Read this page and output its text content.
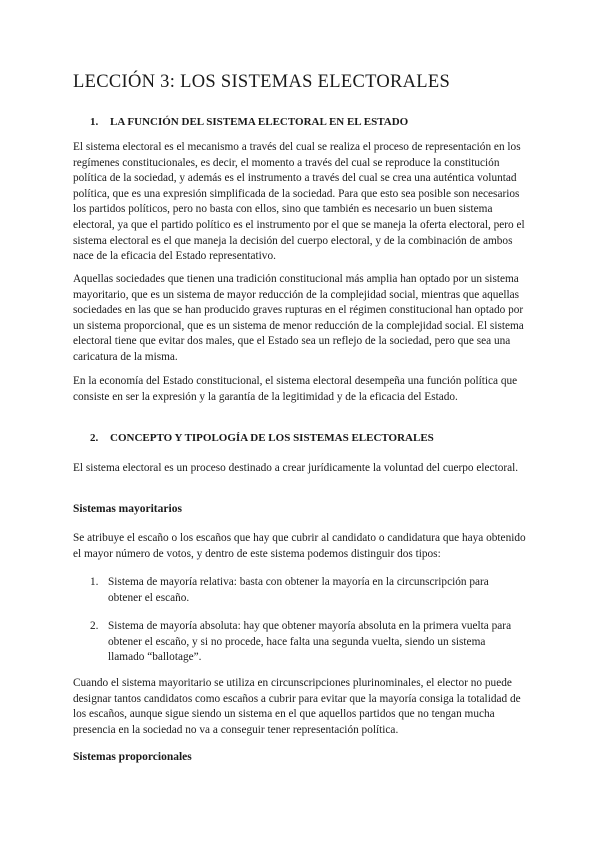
LECCIÓN 3: LOS SISTEMAS ELECTORALES
1. LA FUNCIÓN DEL SISTEMA ELECTORAL EN EL ESTADO

El sistema electoral es el mecanismo a través del cual se realiza el proceso de representación en los regímenes constitucionales, es decir, el momento a través del cual se reproduce la constitución política de la sociedad, y además es el instrumento a través del cual se crea una auténtica voluntad política, que es una expresión simplificada de la sociedad. Para que esto sea posible son necesarios los partidos políticos, pero no basta con ellos, sino que también es necesario un buen sistema electoral, ya que el partido político es el instrumento por el que se maneja la oferta electoral, pero el sistema electoral es el que maneja la decisión del cuerpo electoral, y de la combinación de ambos nace de la eficacia del Estado representativo.

Aquellas sociedades que tienen una tradición constitucional más amplia han optado por un sistema mayoritario, que es un sistema de mayor reducción de la complejidad social, mientras que aquellas sociedades en las que se han producido graves rupturas en el régimen constitucional han optado por un sistema proporcional, que es un sistema de menor reducción de la complejidad social. El sistema electoral tiene que evitar dos males, que el Estado sea un reflejo de la sociedad, pero que sea una caricatura de la misma.

En la economía del Estado constitucional, el sistema electoral desempeña una función política que consiste en ser la expresión y la garantía de la legitimidad y de la eficacia del Estado.

2. CONCEPTO Y TIPOLOGÍA DE LOS SISTEMAS ELECTORALES

El sistema electoral es un proceso destinado a crear jurídicamente la voluntad del cuerpo electoral.

Sistemas mayoritarios

Se atribuye el escaño o los escaños que hay que cubrir al candidato o candidatura que haya obtenido el mayor número de votos, y dentro de este sistema podemos distinguir dos tipos:

1. Sistema de mayoría relativa: basta con obtener la mayoría en la circunscripción para obtener el escaño.
2. Sistema de mayoría absoluta: hay que obtener mayoría absoluta en la primera vuelta para obtener el escaño, y si no procede, hace falta una segunda vuelta, siendo un sistema llamado “ballotage”.

Cuando el sistema mayoritario se utiliza en circunscripciones plurinominales, el elector no puede designar tantos candidatos como escaños a cubrir para evitar que la mayoría consiga la totalidad de los escaños, aunque sigue siendo un sistema en el que aquellos partidos que no tengan mucha presencia en la sociedad no va a conseguir tener representación política.

Sistemas proporcionales
